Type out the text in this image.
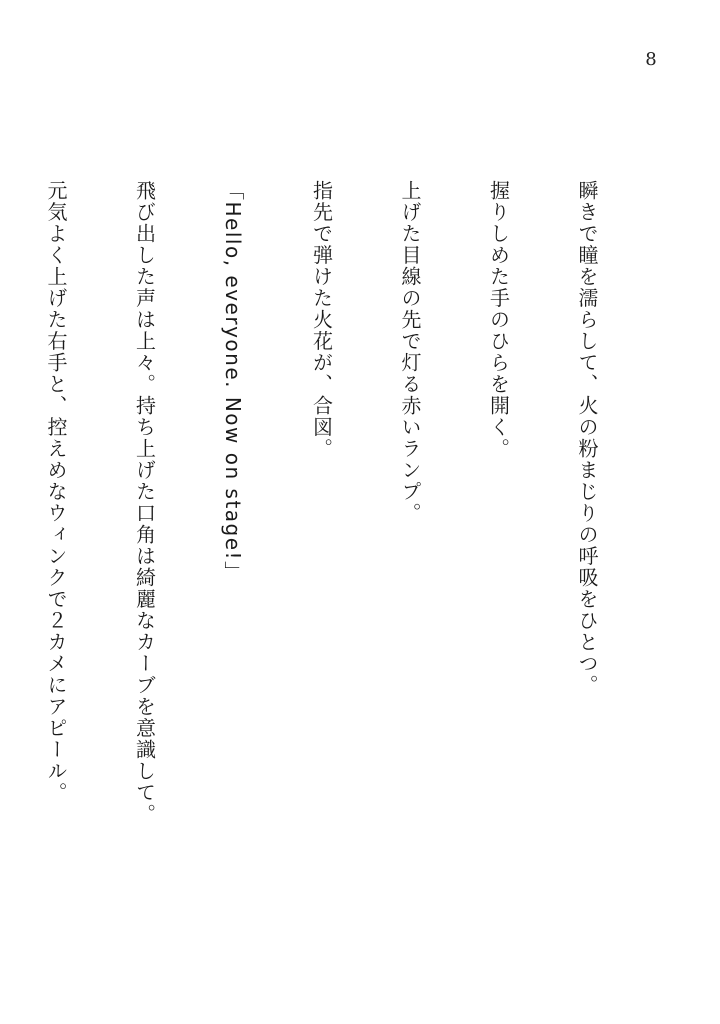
8

瞬きで瞳を濡らして、火の粉まじりの呼吸をひとつ。

握りしめた手のひらを開く。

上げた目線の先で灯る赤いランプ。

指先で弾けた火花が、合図。

「Hello, everyone. Now on stage!」

飛び出した声は上々。持ち上げた口角は綺麗なカーブを意識して。

元気よく上げた右手と、控えめなウィンクで２カメにアピール。
